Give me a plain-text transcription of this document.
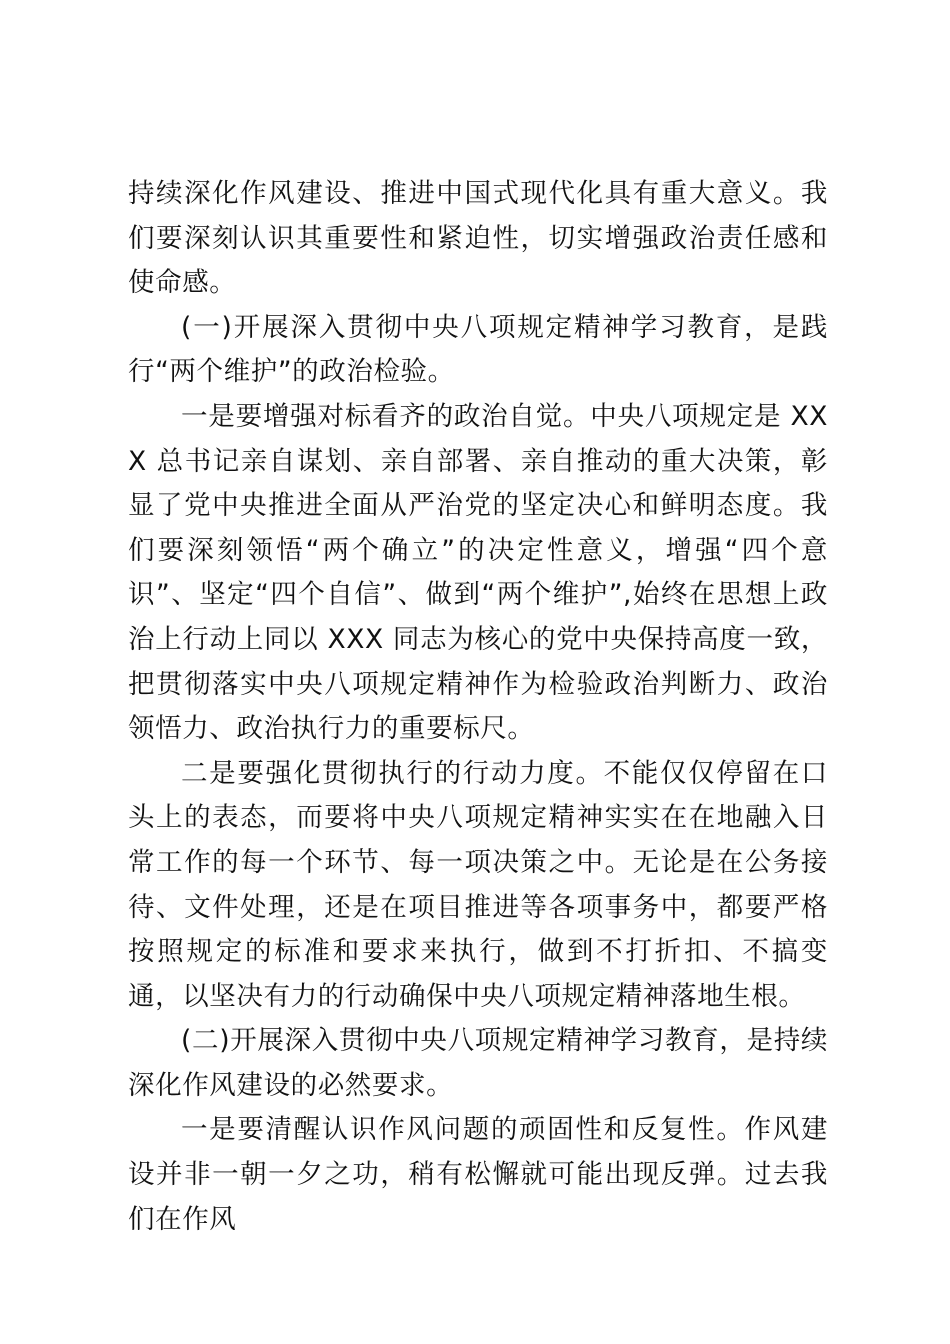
持续深化作风建设、推进中国式现代化具有重大意义。我们要深刻认识其重要性和紧迫性，切实增强政治责任感和使命感。

(一)开展深入贯彻中央八项规定精神学习教育，是践行“两个维护”的政治检验。

一是要增强对标看齐的政治自觉。中央八项规定是 XXX 总书记亲自谋划、亲自部署、亲自推动的重大决策，彰显了党中央推进全面从严治党的坚定决心和鲜明态度。我们要深刻领悟“两个确立”的决定性意义，增强“四个意识”、坚定“四个自信”、做到“两个维护”,始终在思想上政治上行动上同以 XXX 同志为核心的党中央保持高度一致，把贯彻落实中央八项规定精神作为检验政治判断力、政治领悟力、政治执行力的重要标尺。

二是要强化贯彻执行的行动力度。不能仅仅停留在口头上的表态，而要将中央八项规定精神实实在在地融入日常工作的每一个环节、每一项决策之中。无论是在公务接待、文件处理，还是在项目推进等各项事务中，都要严格按照规定的标准和要求来执行，做到不打折扣、不搞变通，以坚决有力的行动确保中央八项规定精神落地生根。

(二)开展深入贯彻中央八项规定精神学习教育，是持续深化作风建设的必然要求。

一是要清醒认识作风问题的顽固性和反复性。作风建设并非一朝一夕之功，稍有松懈就可能出现反弹。过去我们在作风
